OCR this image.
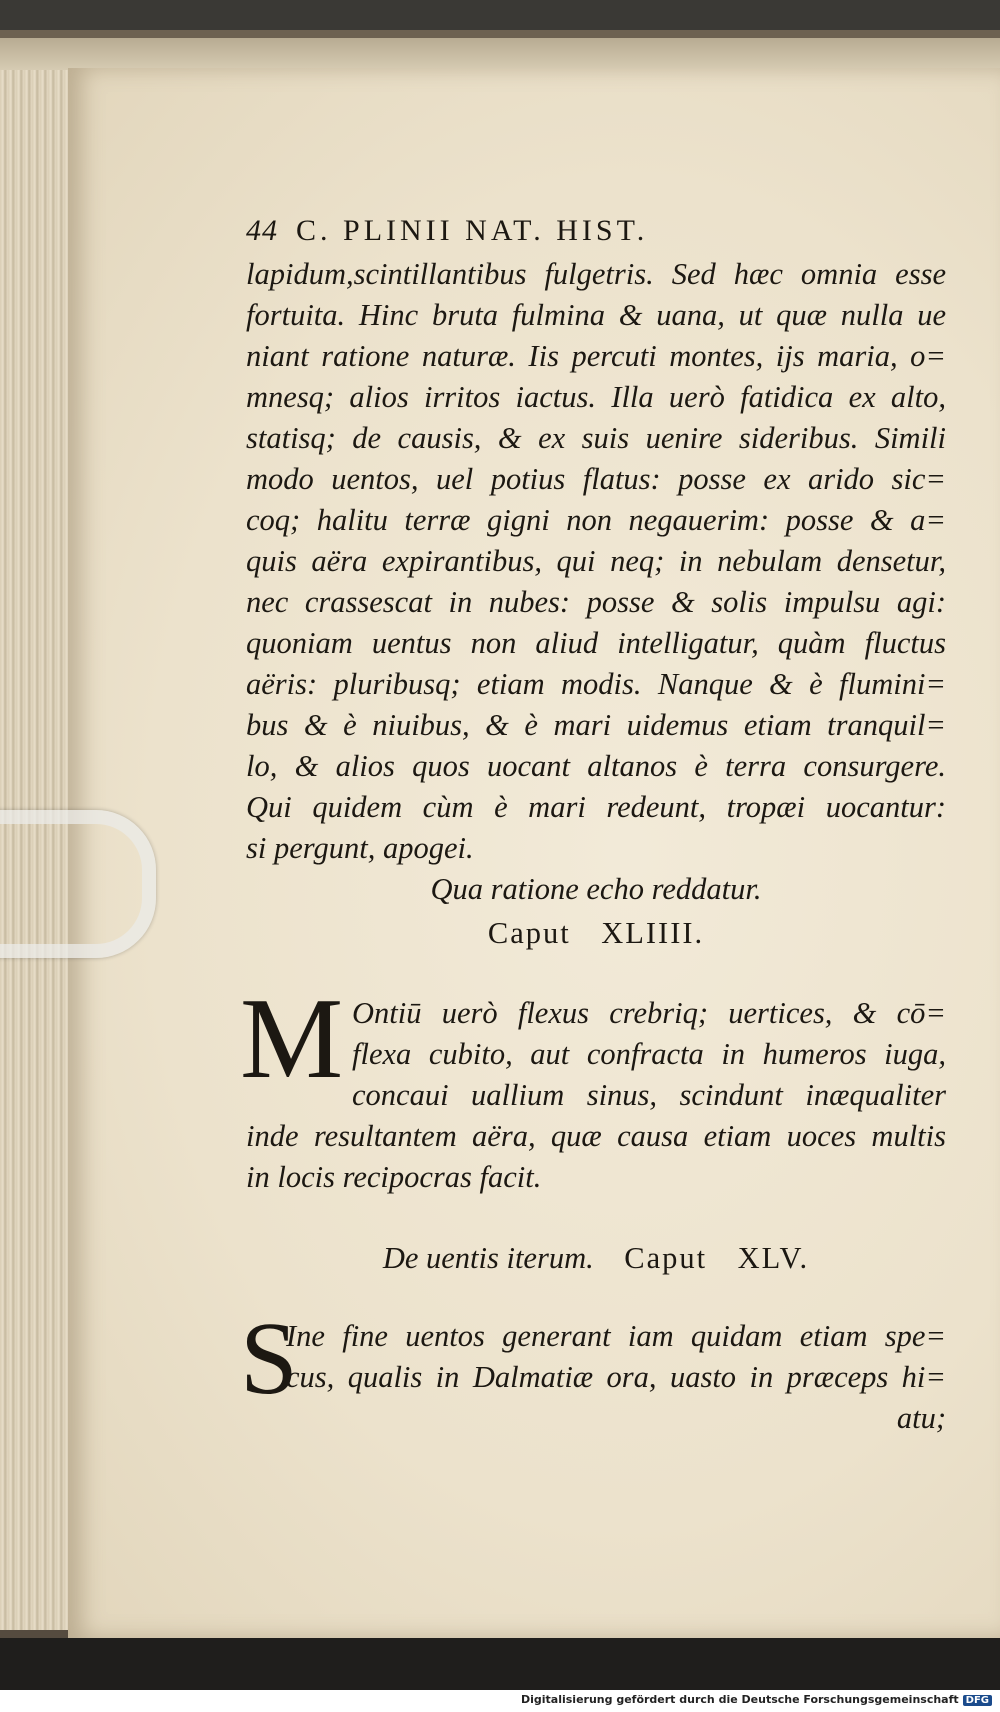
44 C. PLINII NAT. HIST.
lapidum,scintillantibus fulgetris. Sed hæc omnia esse
fortuita. Hinc bruta fulmina & uana, ut quæ nulla ue
niant ratione naturæ. Iis percuti montes, ijs maria, o=
mnesq; alios irritos iactus. Illa uerò fatidica ex alto,
statisq; de causis, & ex suis uenire sideribus. Simili
modo uentos, uel potius flatus: posse ex arido sic=
coq; halitu terræ gigni non negauerim: posse & a=
quis aëra expirantibus, qui neq; in nebulam densetur,
nec crassescat in nubes: posse & solis impulsu agi:
quoniam uentus non aliud intelligatur, quàm fluctus
aëris: pluribusq; etiam modis. Nanque & è flumini=
bus & è niuibus, & è mari uidemus etiam tranquil=
lo, & alios quos uocant altanos è terra consurgere.
Qui quidem cùm è mari redeunt, tropæi uocantur:
si pergunt, apogei.
Qua ratione echo reddatur.
Caput XLIIII.
M Ontiū uerò flexus crebriq; uertices, & cō=
flexa cubito, aut confracta in humeros iuga,
concaui uallium sinus, scindunt inæqualiter
inde resultantem aëra, quæ causa etiam uoces multis
in locis recipocras facit.
De uentis iterum. Caput XLV.
S
Ine fine uentos generant iam quidam etiam spe=
cus, qualis in Dalmatiæ ora, uasto in præceps hi=
atu;
Digitalisierung gefördert durch die Deutsche Forschungsgemeinschaft DFG
